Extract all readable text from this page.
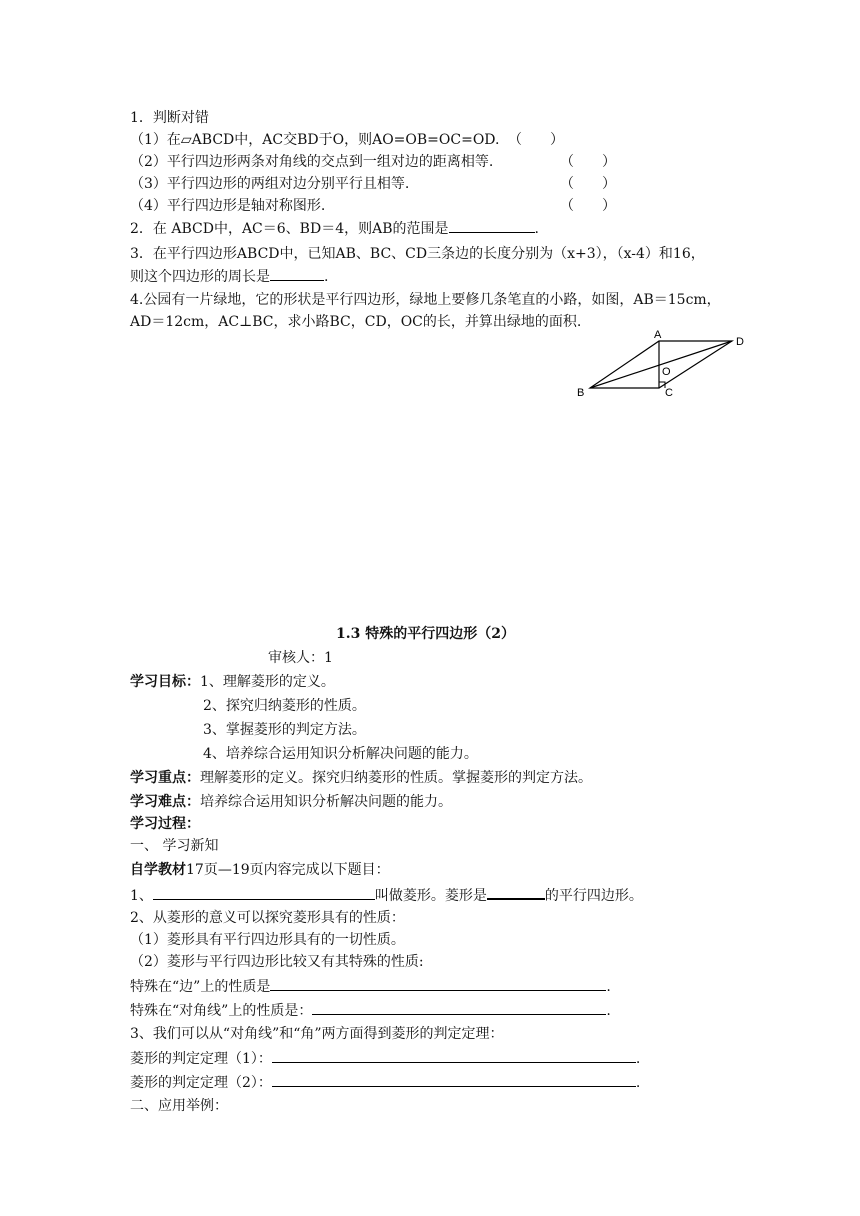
1．判断对错
（1）在▱ABCD中，AC交BD于O，则AO=OB=OC=OD. （　　）
（2）平行四边形两条对角线的交点到一组对边的距离相等.	（　　）
（3）平行四边形的两组对边分别平行且相等.	（　　）
（4）平行四边形是轴对称图形.	（　　）
2．在 ABCD中，AC＝6、BD＝4，则AB的范围是	.
3．在平行四边形ABCD中，已知AB、BC、CD三条边的长度分别为（x+3），（x-4）和16，
则这个四边形的周长是	.
4.公园有一片绿地，它的形状是平行四边形，绿地上要修几条笔直的小路，如图，AB＝15cm，
AD＝12cm，AC⊥BC，求小路BC，CD，OC的长，并算出绿地的面积.
A
B	C
D
O
1.3 特殊的平行四边形（2）
审核人：1
学习目标：1、理解菱形的定义。
2、探究归纳菱形的性质。
3、掌握菱形的判定方法。
4、培养综合运用知识分析解决问题的能力。
学习重点：理解菱形的定义。探究归纳菱形的性质。掌握菱形的判定方法。
学习难点：培养综合运用知识分析解决问题的能力。
学习过程：
一、 学习新知
自学教材17页—19页内容完成以下题目：
1、	叫做菱形。菱形是	的平行四边形。
2、从菱形的意义可以探究菱形具有的性质：
（1）菱形具有平行四边形具有的一切性质。
（2）菱形与平行四边形比较又有其特殊的性质:
特殊在“边”上的性质是	.
特殊在“对角线”上的性质是：	.
3、我们可以从“对角线”和“角”两方面得到菱形的判定定理：
菱形的判定定理（1）：	.
菱形的判定定理（2）：	.
二、应用举例：
